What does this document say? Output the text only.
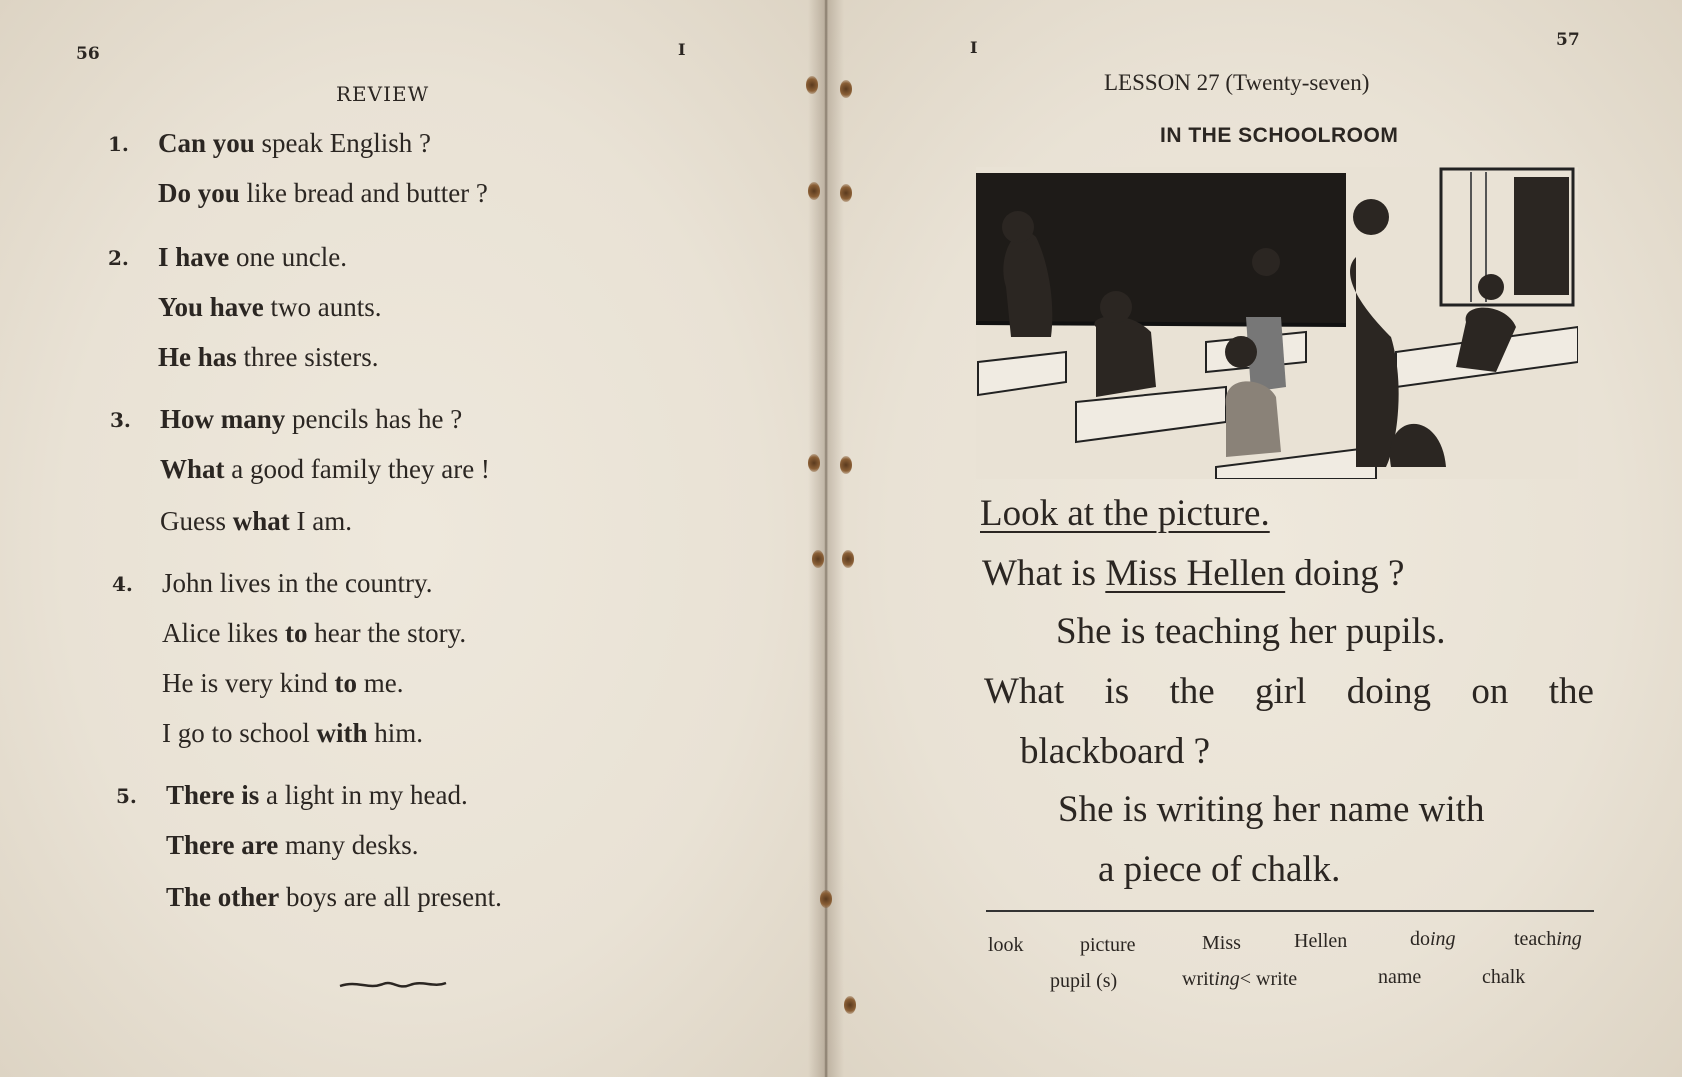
56	I
REVIEW
1. Can you speak English ?
Do you like bread and butter ?
2. I have one uncle.
You have two aunts.
He has three sisters.
3. How many pencils has he ?
What a good family they are !
Guess what I am.
4. John lives in the country.
Alice likes to hear the story.
He is very kind to me.
I go to school with him.
5. There is a light in my head.
There are many desks.
The other boys are all present.
I	57
LESSON 27 (Twenty-seven)
IN THE SCHOOLROOM
Look at the picture.
What is Miss Hellen doing ?
She is teaching her pupils.
What is the girl doing on the
blackboard ?
She is writing her name with
a piece of chalk.
look	picture	Miss	Hellen	doing	teaching
pupil (s)	writing< write	name	chalk
